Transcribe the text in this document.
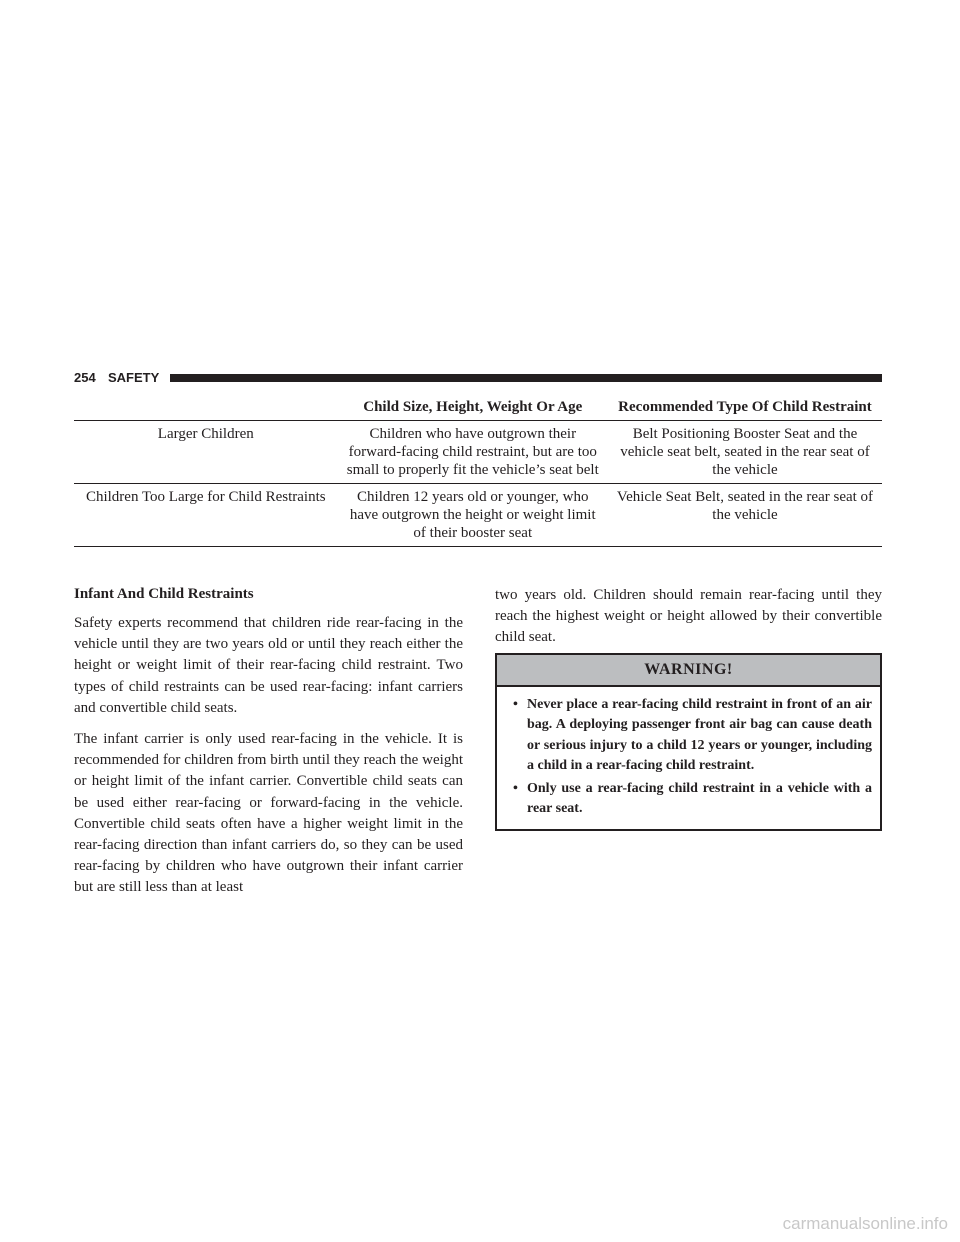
254 SAFETY
	Child Size, Height, Weight Or Age	Recommended Type Of Child Restraint
Larger Children	Children who have outgrown their forward-facing child restraint, but are too small to properly fit the vehicle’s seat belt	Belt Positioning Booster Seat and the vehicle seat belt, seated in the rear seat of the vehicle
Children Too Large for Child Restraints	Children 12 years old or younger, who have outgrown the height or weight limit of their booster seat	Vehicle Seat Belt, seated in the rear seat of the vehicle
Infant And Child Restraints

Safety experts recommend that children ride rear-facing in the vehicle until they are two years old or until they reach either the height or weight limit of their rear-facing child restraint. Two types of child restraints can be used rear-facing: infant carriers and convertible child seats.

The infant carrier is only used rear-facing in the vehicle. It is recommended for children from birth until they reach the weight or height limit of the infant carrier. Convertible child seats can be used either rear-facing or forward-facing in the vehicle. Convertible child seats often have a higher weight limit in the rear-facing direction than infant carriers do, so they can be used rear-facing by children who have outgrown their infant carrier but are still less than at least

two years old. Children should remain rear-facing until they reach the highest weight or height allowed by their convertible child seat.

WARNING!
• Never place a rear-facing child restraint in front of an air bag. A deploying passenger front air bag can cause death or serious injury to a child 12 years or younger, including a child in a rear-facing child restraint.
• Only use a rear-facing child restraint in a vehicle with a rear seat.
carmanualsonline.info
